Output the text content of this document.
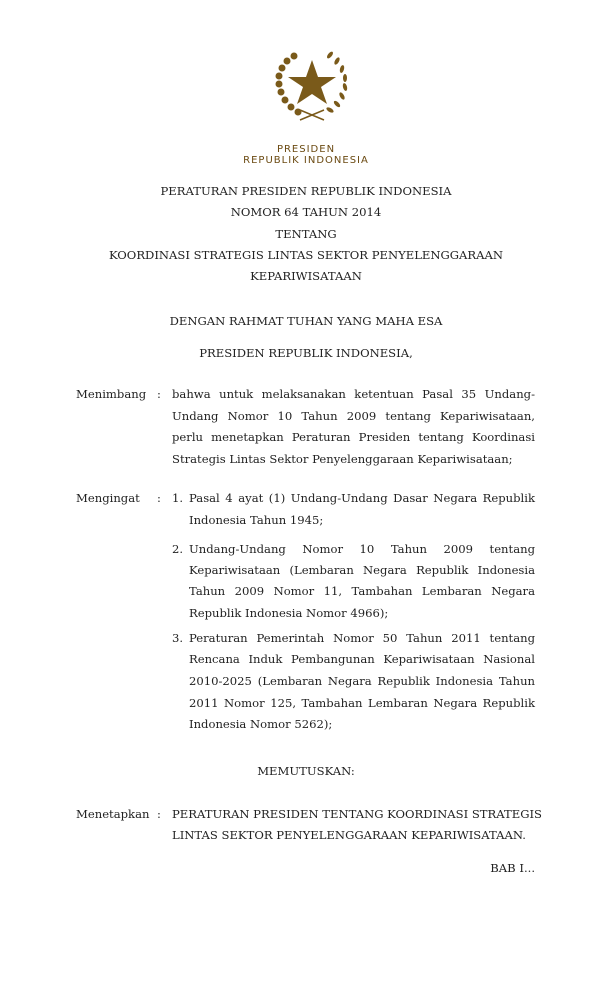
PRESIDEN
REPUBLIK INDONESIA
PERATURAN PRESIDEN REPUBLIK INDONESIA
NOMOR 64 TAHUN 2014
TENTANG
KOORDINASI STRATEGIS LINTAS SEKTOR PENYELENGGARAAN
KEPARIWISATAAN
DENGAN RAHMAT TUHAN YANG MAHA ESA
PRESIDEN REPUBLIK INDONESIA,
Menimbang : bahwa untuk melaksanakan ketentuan Pasal 35 Undang-
Undang Nomor 10 Tahun 2009 tentang Kepariwisataan,
perlu menetapkan Peraturan Presiden tentang Koordinasi
Strategis Lintas Sektor Penyelenggaraan Kepariwisataan;
Mengingat : 1. Pasal 4 ayat (1) Undang-Undang Dasar Negara Republik
Indonesia Tahun 1945;
2. Undang-Undang Nomor 10 Tahun 2009 tentang
Kepariwisataan (Lembaran Negara Republik Indonesia
Tahun 2009 Nomor 11, Tambahan Lembaran Negara
Republik Indonesia Nomor 4966);
3. Peraturan Pemerintah Nomor 50 Tahun 2011 tentang
Rencana Induk Pembangunan Kepariwisataan Nasional
2010-2025 (Lembaran Negara Republik Indonesia Tahun
2011 Nomor 125, Tambahan Lembaran Negara Republik
Indonesia Nomor 5262);
MEMUTUSKAN:
Menetapkan : PERATURAN PRESIDEN TENTANG KOORDINASI STRATEGIS
LINTAS SEKTOR PENYELENGGARAAN KEPARIWISATAAN.
BAB I...
